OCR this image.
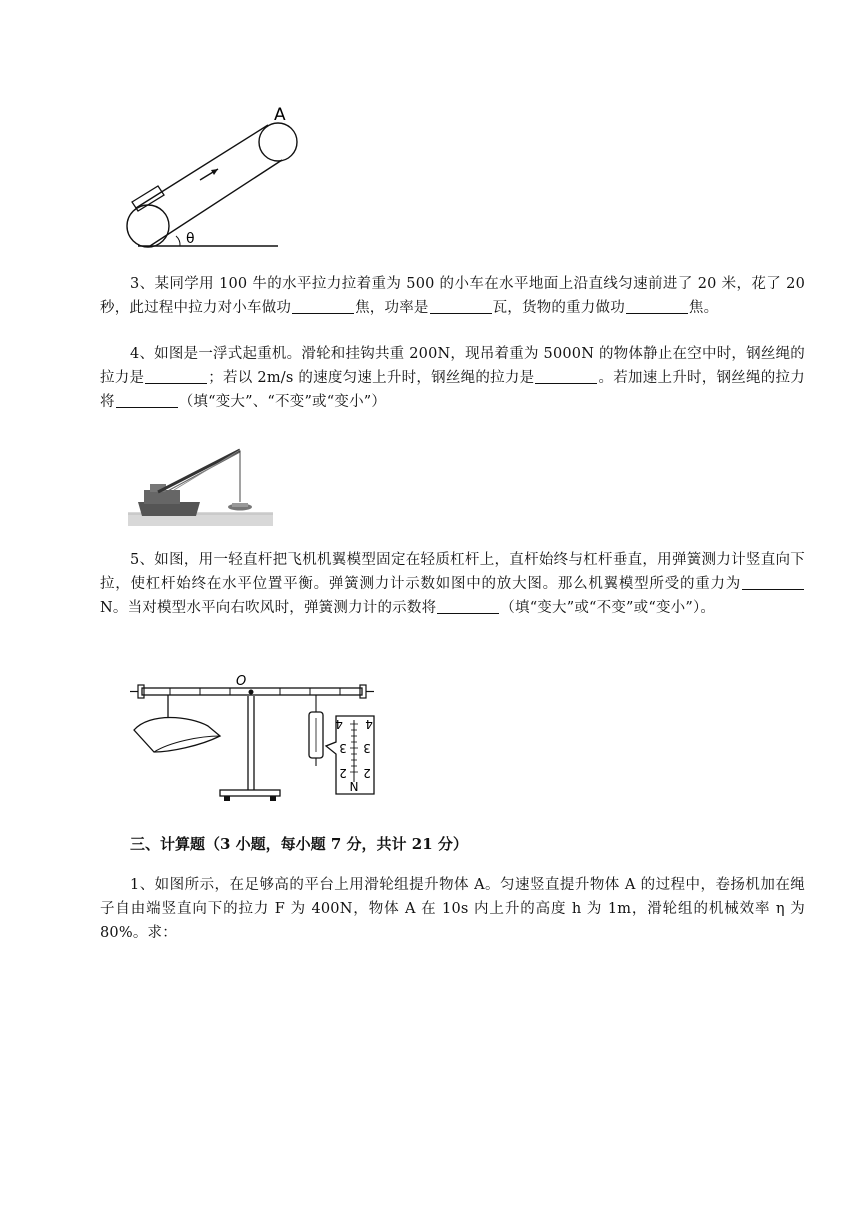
θ
A

3、某同学用 100 牛的水平拉力拉着重为 500 的小车在水平地面上沿直线匀速前进了 20 米，花了 20 秒，此过程中拉力对小车做功	焦，功率是	瓦，货物的重力做功	焦。

4、如图是一浮式起重机。滑轮和挂钩共重 200N，现吊着重为 5000N 的物体静止在空中时，钢丝绳的拉力是	；若以 2m/s 的速度匀速上升时，钢丝绳的拉力是	。若加速上升时，钢丝绳的拉力将	（填“变大”、“不变”或“变小”）

5、如图，用一轻直杆把飞机机翼模型固定在轻质杠杆上，直杆始终与杠杆垂直，用弹簧测力计竖直向下拉，使杠杆始终在水平位置平衡。弹簧测力计示数如图中的放大图。那么机翼模型所受的重力为N。当对模型水平向右吹风时，弹簧测力计的示数将	（填“变大”或“不变”或“变小”）。

O
4 4
3 3
2 2
N

三、计算题（3 小题，每小题 7 分，共计 21 分）

1、如图所示，在足够高的平台上用滑轮组提升物体 A。匀速竖直提升物体 A 的过程中，卷扬机加在绳子自由端竖直向下的拉力 F 为 400N，物体 A 在 10s 内上升的高度 h 为 1m，滑轮组的机械效率 η 为 80%。求：
